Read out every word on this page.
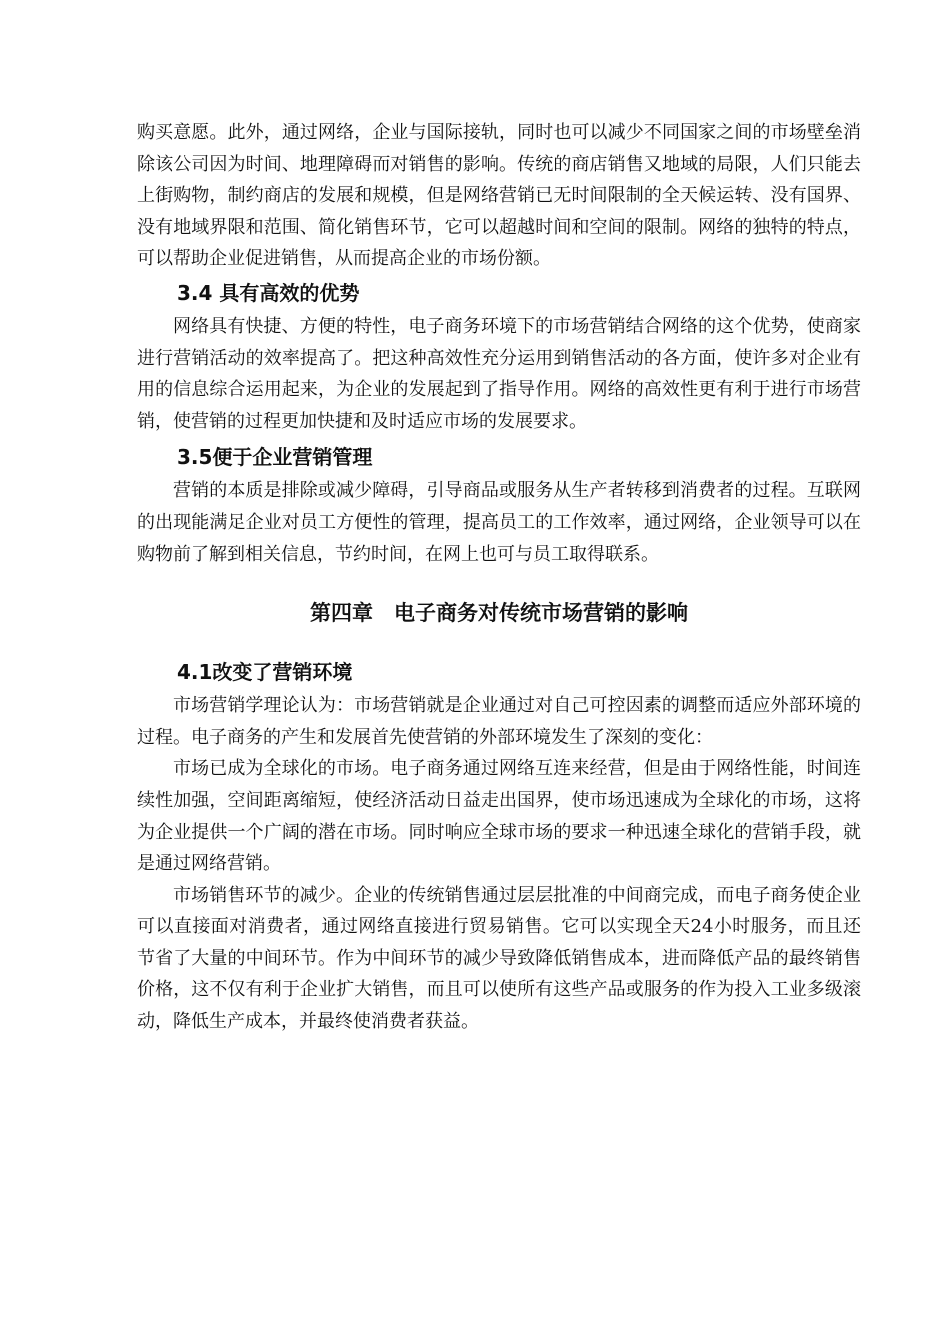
购买意愿。此外，通过网络，企业与国际接轨，同时也可以减少不同国家之间的市场壁垒消除该公司因为时间、地理障碍而对销售的影响。传统的商店销售又地域的局限，人们只能去上街购物，制约商店的发展和规模，但是网络营销已无时间限制的全天候运转、没有国界、没有地域界限和范围、简化销售环节，它可以超越时间和空间的限制。网络的独特的特点，可以帮助企业促进销售，从而提高企业的市场份额。

3.4 具有高效的优势

网络具有快捷、方便的特性，电子商务环境下的市场营销结合网络的这个优势，使商家进行营销活动的效率提高了。把这种高效性充分运用到销售活动的各方面，使许多对企业有用的信息综合运用起来，为企业的发展起到了指导作用。网络的高效性更有利于进行市场营销，使营销的过程更加快捷和及时适应市场的发展要求。

3.5便于企业营销管理

营销的本质是排除或减少障碍，引导商品或服务从生产者转移到消费者的过程。互联网的出现能满足企业对员工方便性的管理，提高员工的工作效率，通过网络，企业领导可以在购物前了解到相关信息，节约时间，在网上也可与员工取得联系。

第四章　电子商务对传统市场营销的影响
4.1改变了营销环境

市场营销学理论认为：市场营销就是企业通过对自己可控因素的调整而适应外部环境的过程。电子商务的产生和发展首先使营销的外部环境发生了深刻的变化：

市场已成为全球化的市场。电子商务通过网络互连来经营，但是由于网络性能，时间连续性加强，空间距离缩短，使经济活动日益走出国界，使市场迅速成为全球化的市场，这将为企业提供一个广阔的潜在市场。同时响应全球市场的要求一种迅速全球化的营销手段，就是通过网络营销。

市场销售环节的减少。企业的传统销售通过层层批准的中间商完成，而电子商务使企业可以直接面对消费者，通过网络直接进行贸易销售。它可以实现全天24小时服务，而且还节省了大量的中间环节。作为中间环节的减少导致降低销售成本，进而降低产品的最终销售价格，这不仅有利于企业扩大销售，而且可以使所有这些产品或服务的作为投入工业多级滚动，降低生产成本，并最终使消费者获益。
